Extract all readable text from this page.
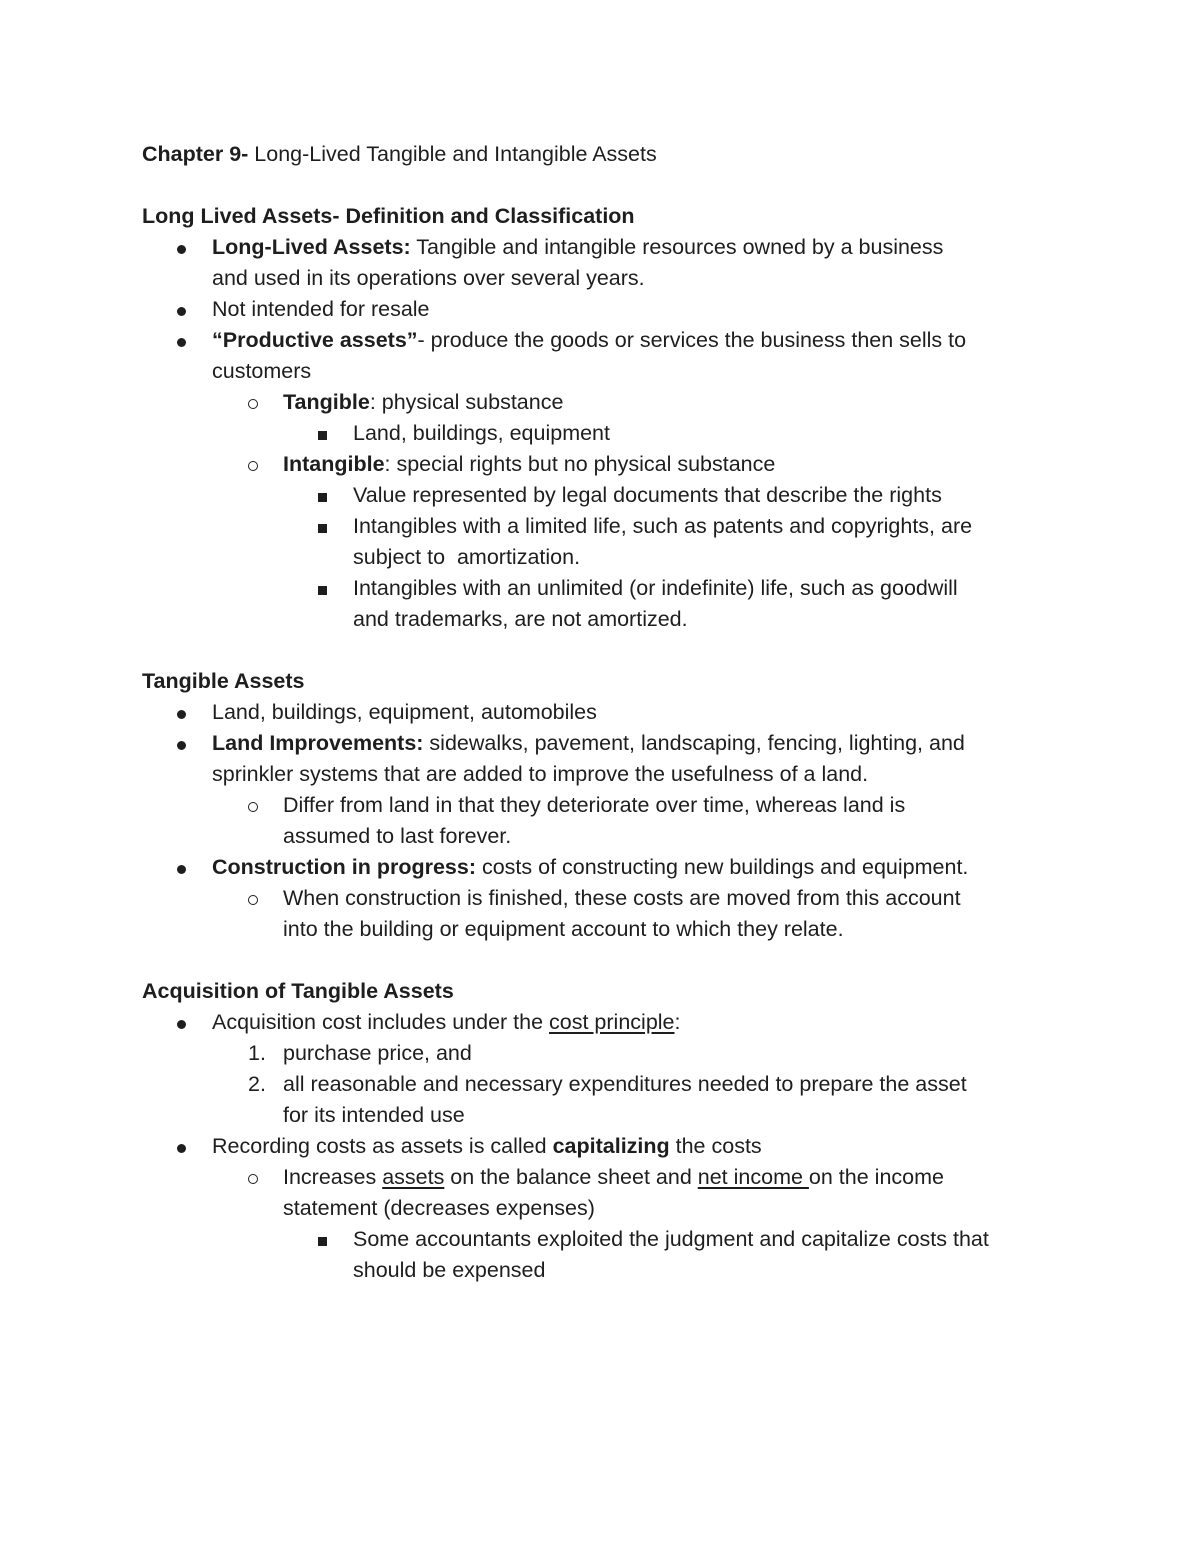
Chapter 9- Long-Lived Tangible and Intangible Assets
Long Lived Assets- Definition and Classification
Long-Lived Assets: Tangible and intangible resources owned by a business
and used in its operations over several years.
Not intended for resale
“Productive assets”- produce the goods or services the business then sells to
customers
Tangible: physical substance
Land, buildings, equipment
Intangible: special rights but no physical substance
Value represented by legal documents that describe the rights
Intangibles with a limited life, such as patents and copyrights, are
subject to  amortization.
Intangibles with an unlimited (or indefinite) life, such as goodwill
and trademarks, are not amortized.
Tangible Assets
Land, buildings, equipment, automobiles
Land Improvements: sidewalks, pavement, landscaping, fencing, lighting, and
sprinkler systems that are added to improve the usefulness of a land.
Differ from land in that they deteriorate over time, whereas land is
assumed to last forever.
Construction in progress: costs of constructing new buildings and equipment.
When construction is finished, these costs are moved from this account
into the building or equipment account to which they relate.
Acquisition of Tangible Assets
Acquisition cost includes under the cost principle:
1. purchase price, and
2. all reasonable and necessary expenditures needed to prepare the asset
for its intended use
Recording costs as assets is called capitalizing the costs
Increases assets on the balance sheet and net income on the income
statement (decreases expenses)
Some accountants exploited the judgment and capitalize costs that
should be expensed
